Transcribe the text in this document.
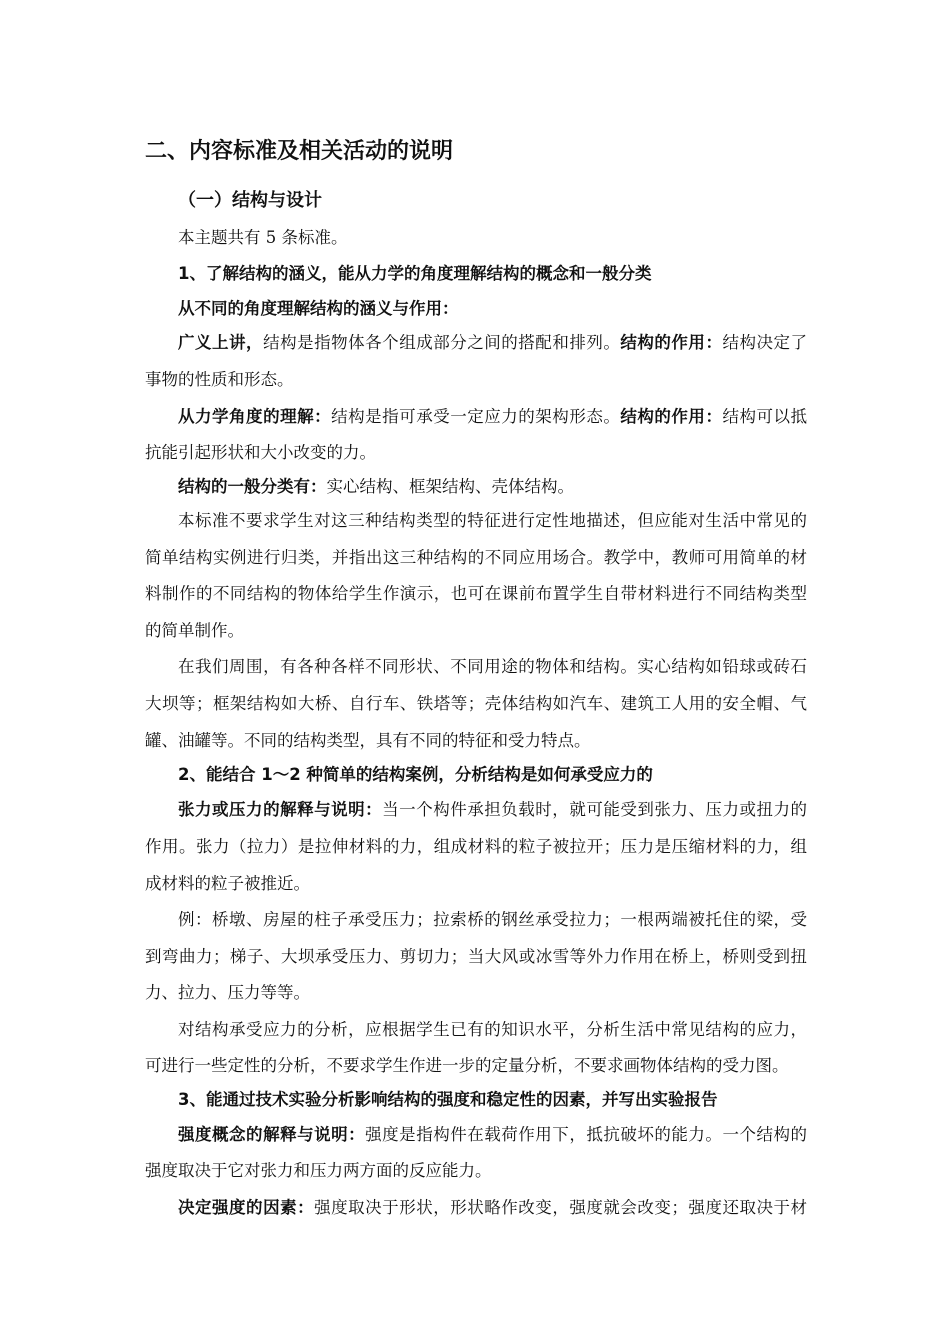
二、内容标准及相关活动的说明
（一）结构与设计
本主题共有 5 条标准。
1、了解结构的涵义，能从力学的角度理解结构的概念和一般分类
从不同的角度理解结构的涵义与作用：
广义上讲，结构是指物体各个组成部分之间的搭配和排列。结构的作用：结构决定了
事物的性质和形态。
从力学角度的理解：结构是指可承受一定应力的架构形态。结构的作用：结构可以抵
抗能引起形状和大小改变的力。
结构的一般分类有：实心结构、框架结构、壳体结构。
本标准不要求学生对这三种结构类型的特征进行定性地描述，但应能对生活中常见的
简单结构实例进行归类，并指出这三种结构的不同应用场合。教学中，教师可用简单的材
料制作的不同结构的物体给学生作演示，也可在课前布置学生自带材料进行不同结构类型
的简单制作。
在我们周围，有各种各样不同形状、不同用途的物体和结构。实心结构如铅球或砖石
大坝等；框架结构如大桥、自行车、铁塔等；壳体结构如汽车、建筑工人用的安全帽、气
罐、油罐等。不同的结构类型，具有不同的特征和受力特点。
2、能结合 1～2 种简单的结构案例，分析结构是如何承受应力的
张力或压力的解释与说明：当一个构件承担负载时，就可能受到张力、压力或扭力的
作用。张力（拉力）是拉伸材料的力，组成材料的粒子被拉开；压力是压缩材料的力，组
成材料的粒子被推近。
例：桥墩、房屋的柱子承受压力；拉索桥的钢丝承受拉力；一根两端被托住的梁，受
到弯曲力；梯子、大坝承受压力、剪切力；当大风或冰雪等外力作用在桥上，桥则受到扭
力、拉力、压力等等。
对结构承受应力的分析，应根据学生已有的知识水平，分析生活中常见结构的应力，
可进行一些定性的分析，不要求学生作进一步的定量分析，不要求画物体结构的受力图。
3、能通过技术实验分析影响结构的强度和稳定性的因素，并写出实验报告
强度概念的解释与说明：强度是指构件在载荷作用下，抵抗破坏的能力。一个结构的
强度取决于它对张力和压力两方面的反应能力。
决定强度的因素：强度取决于形状，形状略作改变，强度就会改变；强度还取决于材
